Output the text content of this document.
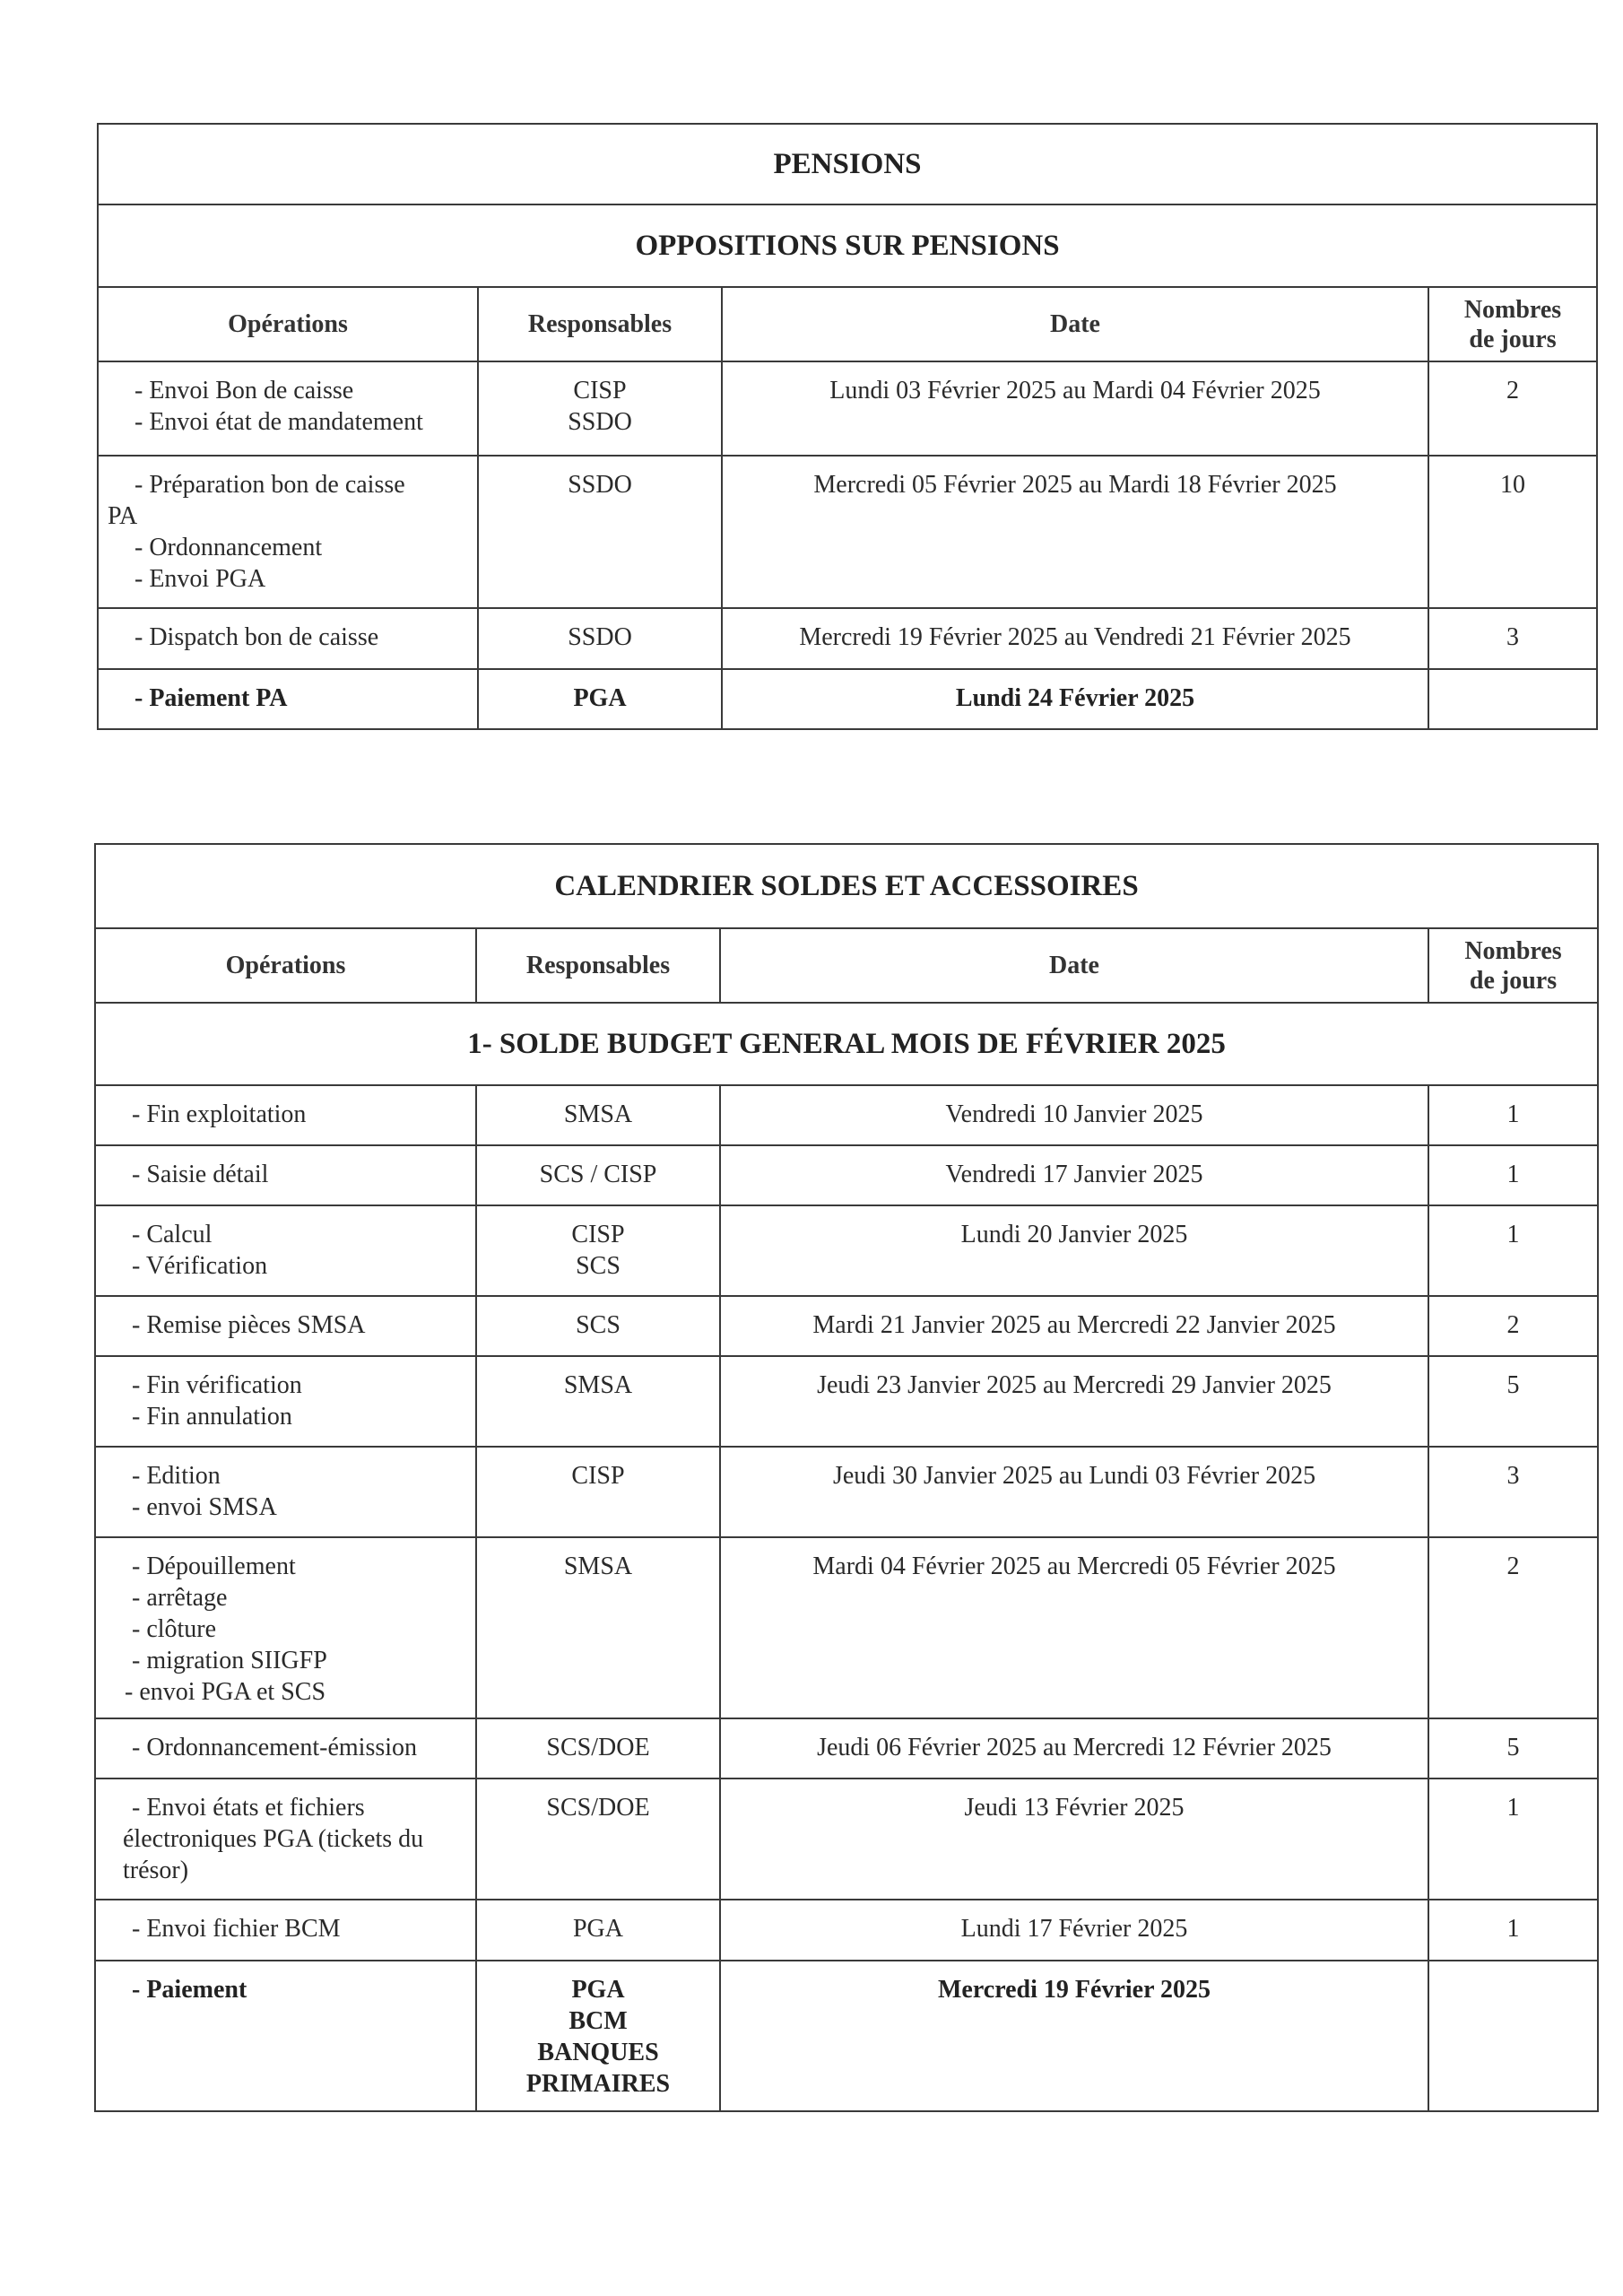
PENSIONS			
OPPOSITIONS SUR PENSIONS			
Opérations	Responsables	Date	Nombres
de jours

- Envoi Bon de caisse
- Envoi état de mandatement	CISP
SSDO	Lundi 03 Février 2025 au Mardi 04 Février 2025	2

- Préparation bon de caisse
PA
- Ordonnancement
- Envoi PGA	SSDO	Mercredi 05 Février 2025 au Mardi 18 Février 2025	10

- Dispatch bon de caisse	SSDO	Mercredi 19 Février 2025 au Vendredi 21 Février 2025	3

- Paiement PA	PGA	Lundi 24 Février 2025	
CALENDRIER SOLDES ET ACCESSOIRES			
Opérations	Responsables	Date	Nombres
de jours

1- SOLDE BUDGET GENERAL MOIS DE FÉVRIER 2025			

- Fin exploitation	SMSA	Vendredi 10 Janvier 2025	1

- Saisie détail	SCS / CISP	Vendredi 17 Janvier 2025	1

- Calcul
- Vérification	CISP
SCS	Lundi 20 Janvier 2025	1

- Remise pièces SMSA	SCS	Mardi 21 Janvier 2025 au Mercredi 22 Janvier 2025	2

- Fin vérification
- Fin annulation	SMSA	Jeudi 23 Janvier 2025 au Mercredi 29 Janvier 2025	5

- Edition
- envoi SMSA	CISP	Jeudi 30 Janvier 2025 au Lundi 03 Février 2025	3

- Dépouillement
- arrêtage
- clôture
- migration SIIGFP
- envoi PGA et SCS	SMSA	Mardi 04 Février 2025 au Mercredi 05 Février 2025	2

- Ordonnancement-émission	SCS/DOE	Jeudi 06 Février 2025 au Mercredi 12 Février 2025	5

- Envoi états et fichiers
électroniques PGA (tickets du
trésor)	SCS/DOE	Jeudi 13 Février 2025	1

- Envoi fichier BCM	PGA	Lundi 17 Février 2025	1

- Paiement	PGA
BCM
BANQUES
PRIMAIRES	Mercredi 19 Février 2025	
